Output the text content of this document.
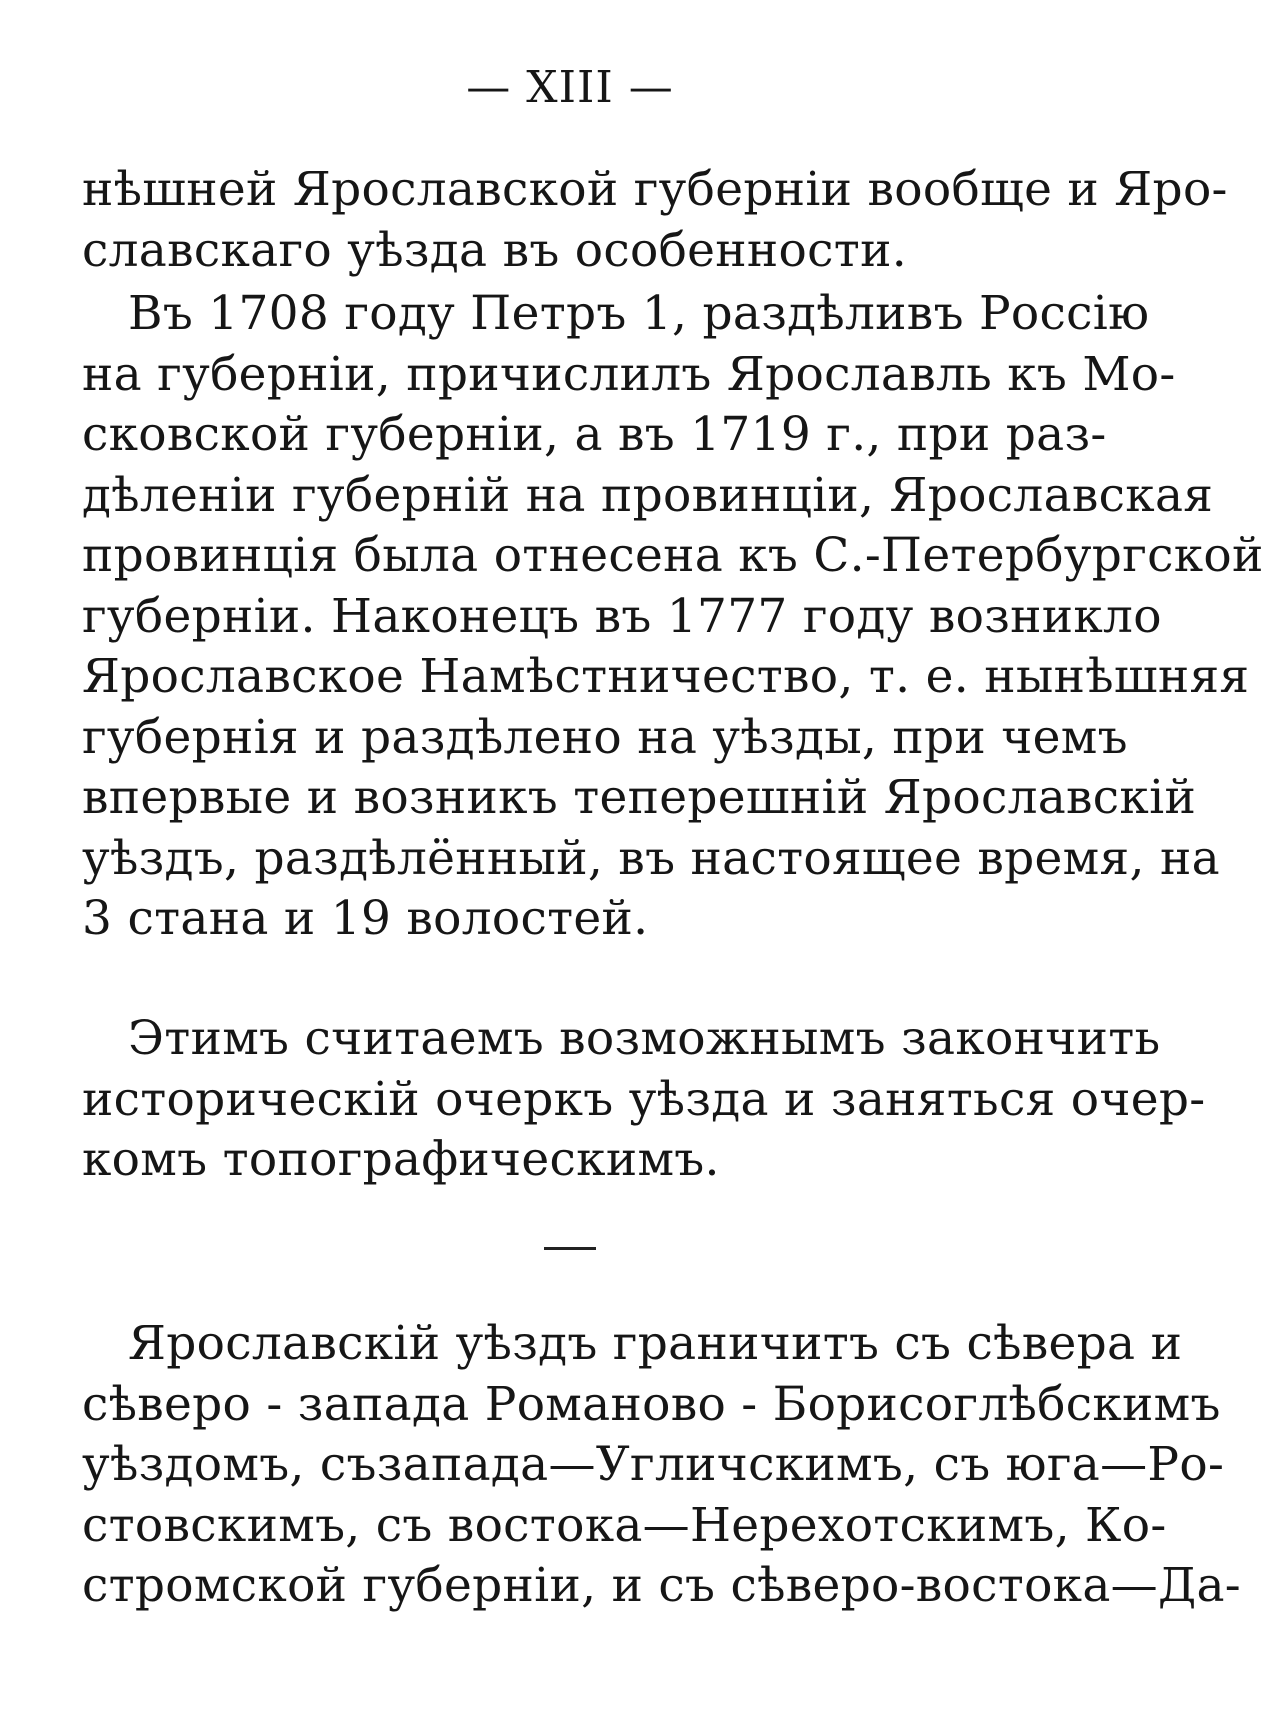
— XIII —
нѣшней Ярославской губерніи вообще и Яро-
славскаго уѣзда въ особенности.
Въ 1708 году Петръ 1, раздѣливъ Россію
на губерніи, причислилъ Ярославль къ Мо-
сковской губерніи, а въ 1719 г., при раз-
дѣленіи губерній на провинціи, Ярославская
провинція была отнесена къ С.-Петербургской
губерніи. Наконецъ въ 1777 году возникло
Ярославское Намѣстничество, т. е. нынѣшняя
губернія и раздѣлено на уѣзды, при чемъ
впервые и возникъ теперешній Ярославскій
уѣздъ, раздѣлённый, въ настоящее время, на
3 стана и 19 волостей.
Этимъ считаемъ возможнымъ закончить
историческій очеркъ уѣзда и заняться очер-
комъ топографическимъ.
Ярославскій уѣздъ граничитъ съ сѣвера и
сѣверо - запада Романово - Борисоглѣбскимъ
уѣздомъ, съзапада—Угличскимъ, съ юга—Ро-
стовскимъ, съ востока—Нерехотскимъ, Ко-
стромской губерніи, и съ сѣверо-востока—Да-
